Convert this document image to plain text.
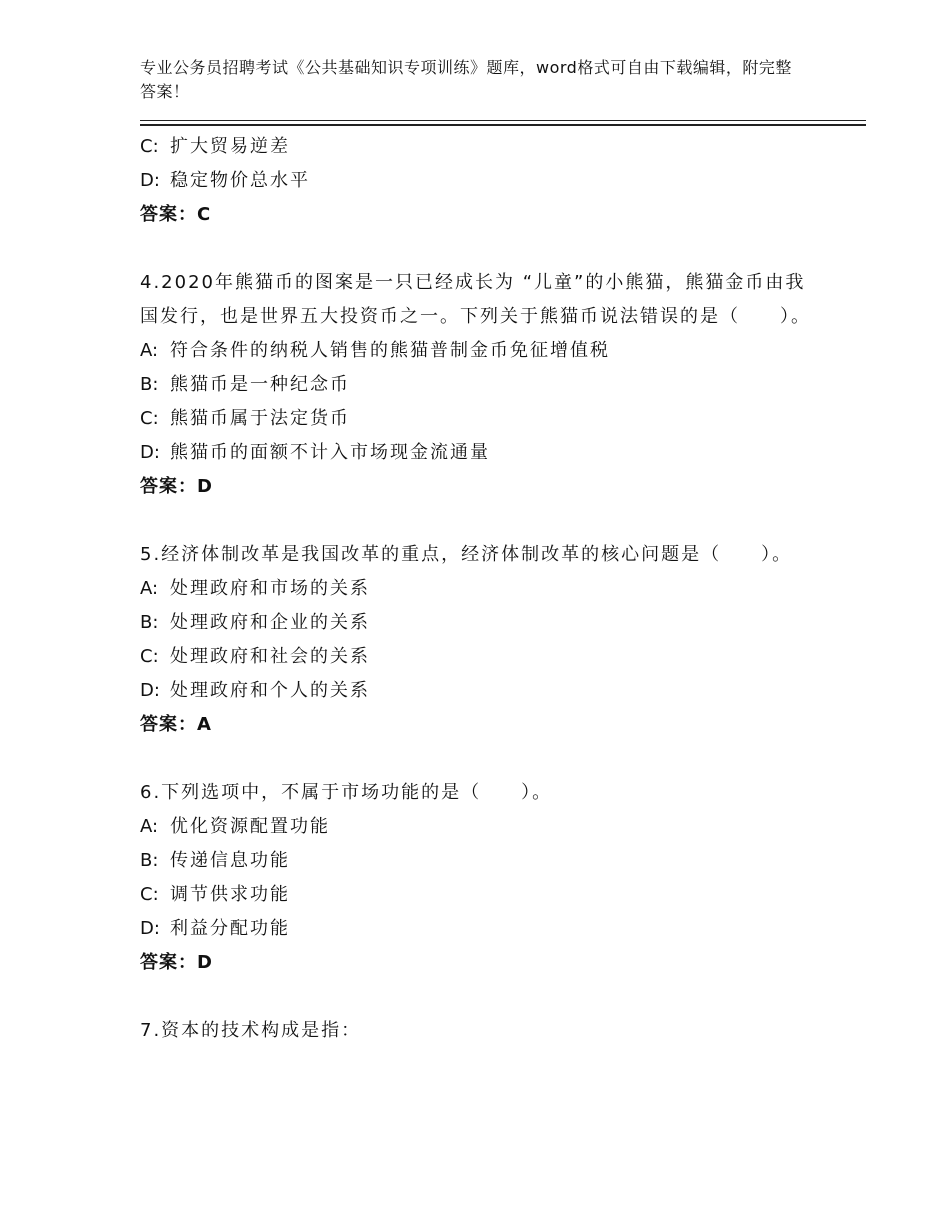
专业公务员招聘考试《公共基础知识专项训练》题库，word格式可自由下载编辑，附完整答案！
C: 扩大贸易逆差
D: 稳定物价总水平
答案：C
4.2020年熊猫币的图案是一只已经成长为 “儿童”的小熊猫，熊猫金币由我国发行，也是世界五大投资币之一。下列关于熊猫币说法错误的是（　　）。
A: 符合条件的纳税人销售的熊猫普制金币免征增值税
B: 熊猫币是一种纪念币
C: 熊猫币属于法定货币
D: 熊猫币的面额不计入市场现金流通量
答案：D
5.经济体制改革是我国改革的重点，经济体制改革的核心问题是（　　）。
A: 处理政府和市场的关系
B: 处理政府和企业的关系
C: 处理政府和社会的关系
D: 处理政府和个人的关系
答案：A
6.下列选项中，不属于市场功能的是（　　）。
A: 优化资源配置功能
B: 传递信息功能
C: 调节供求功能
D: 利益分配功能
答案：D
7.资本的技术构成是指：
